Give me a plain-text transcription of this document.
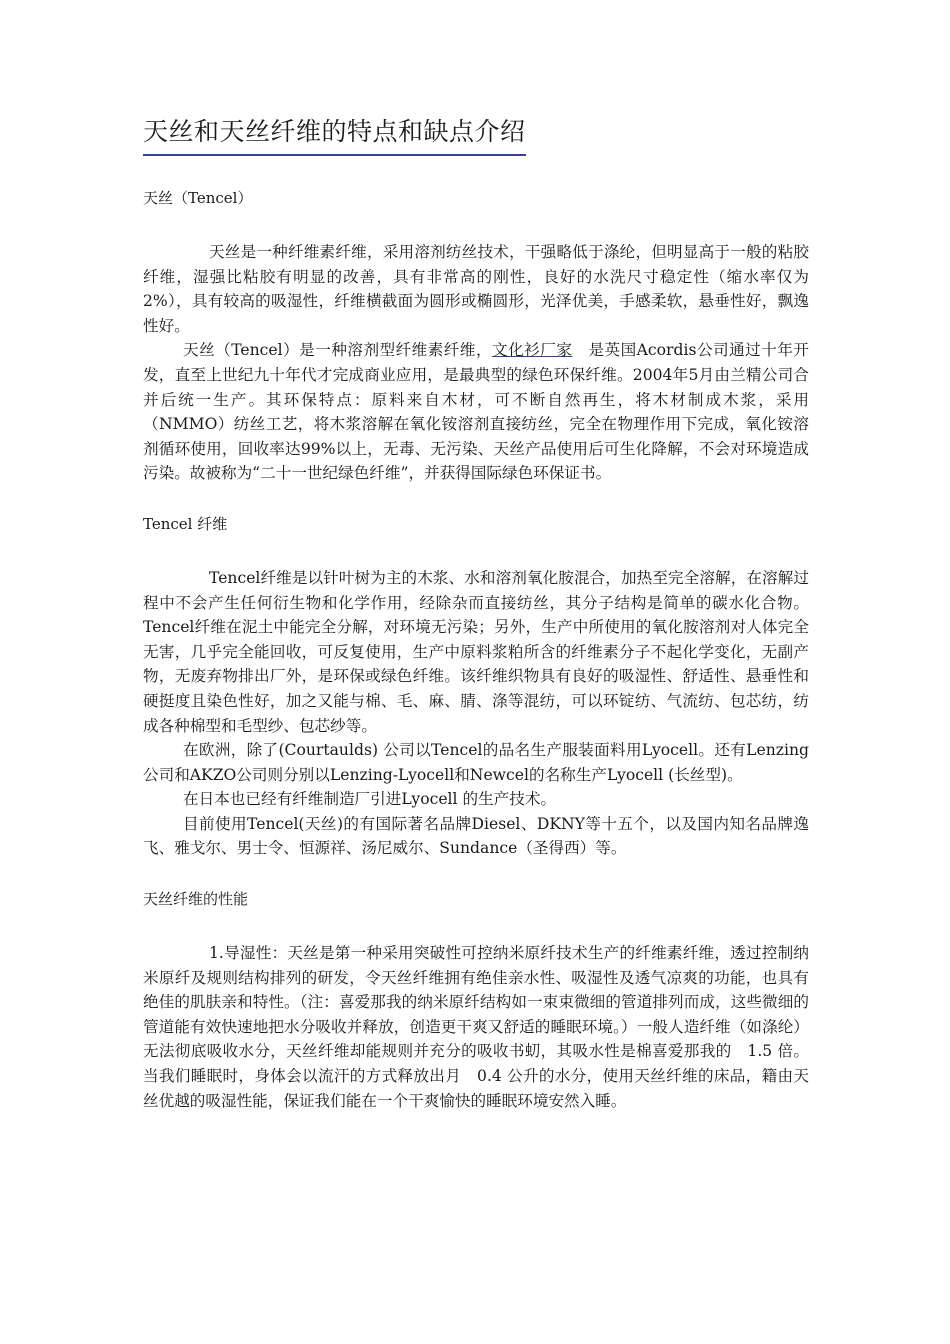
天丝和天丝纤维的特点和缺点介绍

天丝（Tencel）

天丝是一种纤维素纤维，采用溶剂纺丝技术，干强略低于涤纶，但明显高于一般的粘胶纤维，湿强比粘胶有明显的改善，具有非常高的刚性，良好的水洗尺寸稳定性（缩水率仅为2%），具有较高的吸湿性，纤维横截面为圆形或椭圆形，光泽优美，手感柔软，悬垂性好，飘逸性好。

天丝（Tencel）是一种溶剂型纤维素纤维，文化衫厂家　是英国Acordis公司通过十年开发，直至上世纪九十年代才完成商业应用，是最典型的绿色环保纤维。2004年5月由兰精公司合并后统一生产。其环保特点：原料来自木材，可不断自然再生，将木材制成木浆，采用（NMMO）纺丝工艺，将木浆溶解在氧化铵溶剂直接纺丝，完全在物理作用下完成，氧化铵溶剂循环使用，回收率达99%以上，无毒、无污染、天丝产品使用后可生化降解，不会对环境造成污染。故被称为“二十一世纪绿色纤维”，并获得国际绿色环保证书。

Tencel 纤维

Tencel纤维是以针叶树为主的木浆、水和溶剂氧化胺混合，加热至完全溶解，在溶解过程中不会产生任何衍生物和化学作用，经除杂而直接纺丝，其分子结构是简单的碳水化合物。Tencel纤维在泥土中能完全分解，对环境无污染；另外，生产中所使用的氧化胺溶剂对人体完全无害，几乎完全能回收，可反复使用，生产中原料浆粕所含的纤维素分子不起化学变化，无副产物，无废弃物排出厂外，是环保或绿色纤维。该纤维织物具有良好的吸湿性、舒适性、悬垂性和硬挺度且染色性好，加之又能与棉、毛、麻、腈、涤等混纺，可以环锭纺、气流纺、包芯纺，纺成各种棉型和毛型纱、包芯纱等。

在欧洲，除了(Courtaulds) 公司以Tencel的品名生产服装面料用Lyocell。还有Lenzing公司和AKZO公司则分别以Lenzing-Lyocell和Newcel的名称生产Lyocell (长丝型)。

在日本也已经有纤维制造厂引进Lyocell 的生产技术。

目前使用Tencel(天丝)的有国际著名品牌Diesel、DKNY等十五个，以及国内知名品牌逸飞、雅戈尔、男士令、恒源祥、汤尼威尔、Sundance（圣得西）等。

天丝纤维的性能

1.导湿性：天丝是第一种采用突破性可控纳米原纤技术生产的纤维素纤维，透过控制纳米原纤及规则结构排列的研发，令天丝纤维拥有绝佳亲水性、吸湿性及透气凉爽的功能，也具有绝佳的肌肤亲和特性。（注：喜爱那我的纳米原纤结构如一束束微细的管道排列而成，这些微细的管道能有效快速地把水分吸收并释放，创造更干爽又舒适的睡眠环境。）一般人造纤维（如涤纶）无法彻底吸收水分，天丝纤维却能规则并充分的吸收书虭，其吸水性是棉喜爱那我的　1.5 倍。当我们睡眠时，身体会以流汗的方式释放出月　0.4 公升的水分，使用天丝纤维的床品，籍由天丝优越的吸湿性能，保证我们能在一个干爽愉快的睡眠环境安然入睡。
